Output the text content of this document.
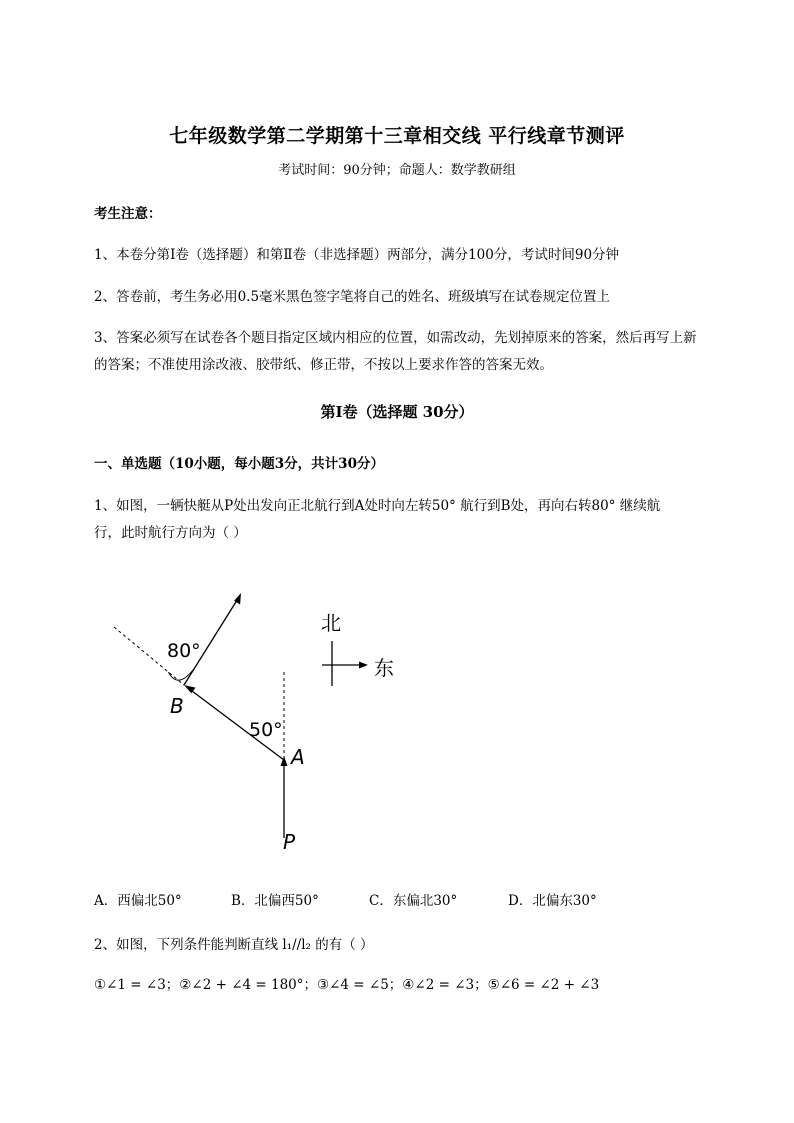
七年级数学第二学期第十三章相交线 平行线章节测评
考试时间：90分钟；命题人：数学教研组
考生注意：
1、本卷分第I卷（选择题）和第Ⅱ卷（非选择题）两部分，满分100分，考试时间90分钟
2、答卷前，考生务必用0.5毫米黑色签字笔将自己的姓名、班级填写在试卷规定位置上
3、答案必须写在试卷各个题目指定区域内相应的位置，如需改动，先划掉原来的答案，然后再写上新
的答案；不准使用涂改液、胶带纸、修正带，不按以上要求作答的答案无效。
第I卷（选择题 30分）
一、单选题（10小题，每小题3分，共计30分）
1、如图，一辆快艇从P处出发向正北航行到A处时向左转50° 航行到B处，再向右转80° 继续航
行，此时航行方向为（ ）
80°
50°
B
A
P
北
东
A．西偏北50°	B．北偏西50°	C．东偏北30°	D．北偏东30°
2、如图，下列条件能判断直线 l₁//l₂ 的有（ ）
①∠1 = ∠3；②∠2 + ∠4 = 180°；③∠4 = ∠5；④∠2 = ∠3；⑤∠6 = ∠2 + ∠3
